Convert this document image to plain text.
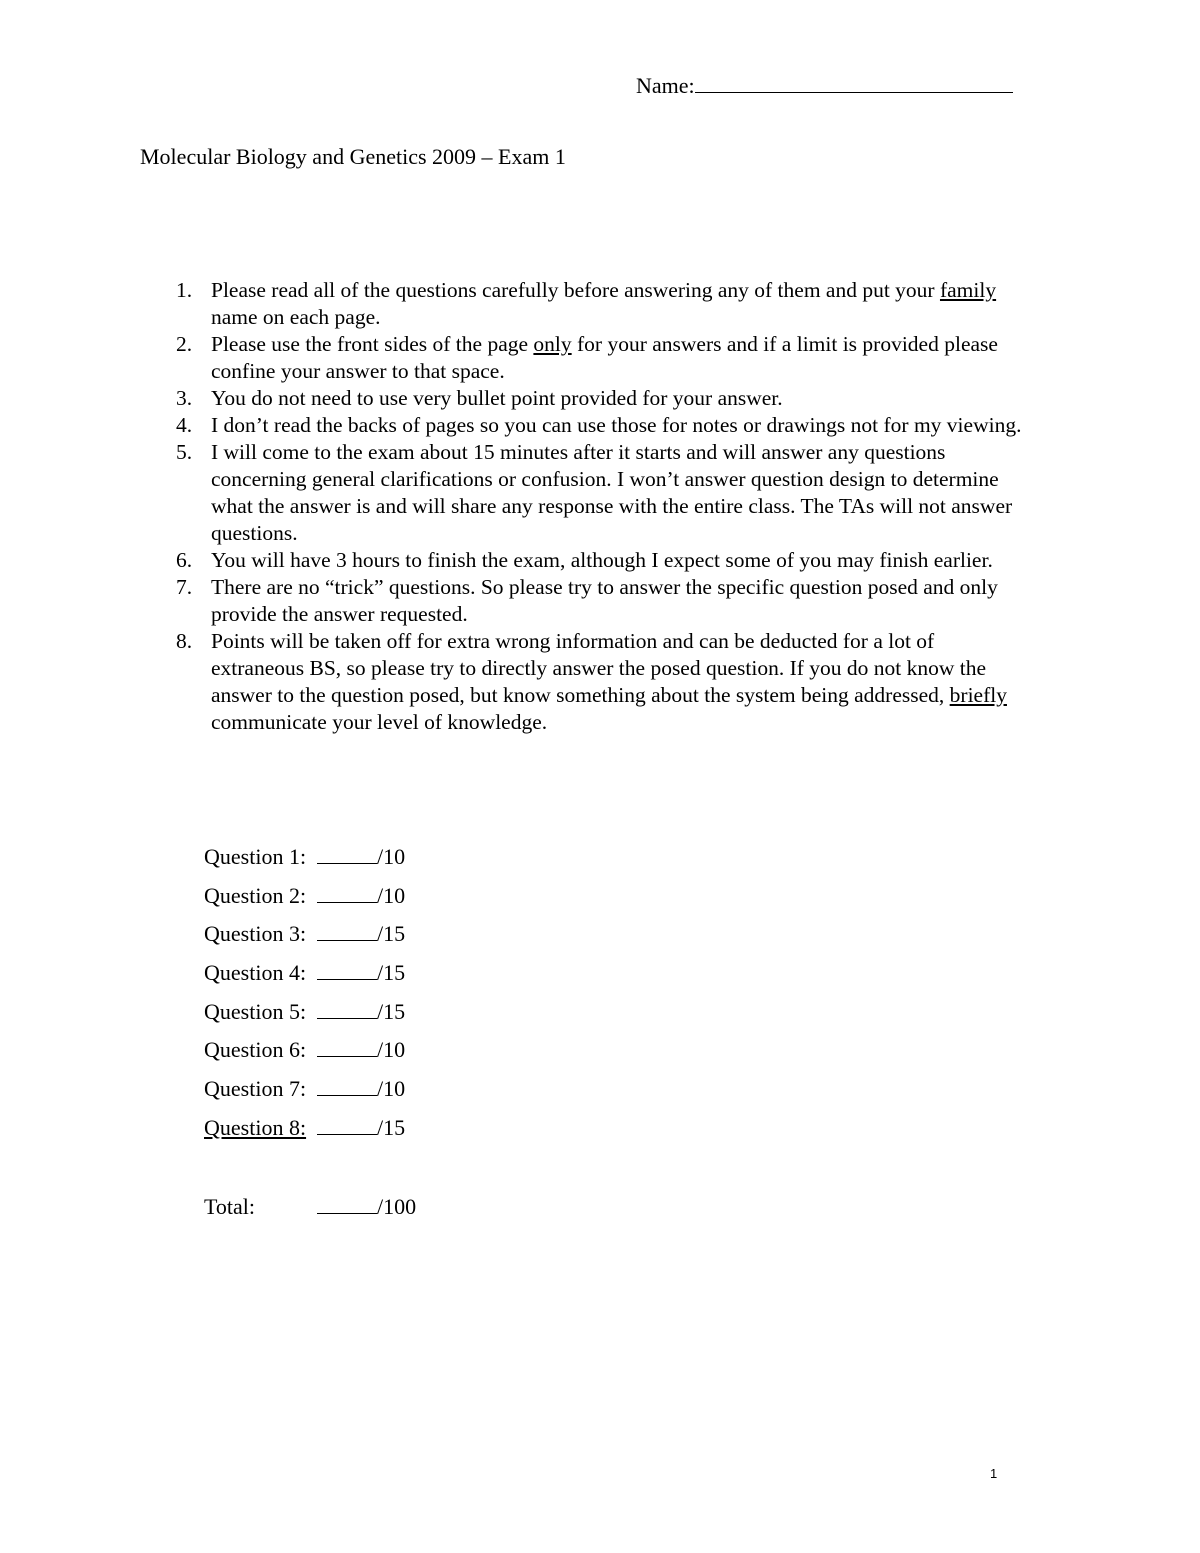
Name:
Molecular Biology and Genetics 2009 – Exam 1
1. Please read all of the questions carefully before answering any of them and put your family name on each page.
2. Please use the front sides of the page only for your answers and if a limit is provided please confine your answer to that space.
3. You do not need to use very bullet point provided for your answer.
4. I don’t read the backs of pages so you can use those for notes or drawings not for my viewing.
5. I will come to the exam about 15 minutes after it starts and will answer any questions concerning general clarifications or confusion. I won’t answer question design to determine what the answer is and will share any response with the entire class. The TAs will not answer questions.
6. You will have 3 hours to finish the exam, although I expect some of you may finish earlier.
7. There are no “trick” questions. So please try to answer the specific question posed and only provide the answer requested.
8. Points will be taken off for extra wrong information and can be deducted for a lot of extraneous BS, so please try to directly answer the posed question. If you do not know the answer to the question posed, but know something about the system being addressed, briefly communicate your level of knowledge.
Question 1:	/10
Question 2:	/10
Question 3:	/15
Question 4:	/15
Question 5:	/15
Question 6:	/10
Question 7:	/10
Question 8:	/15
Total:	/100
1
